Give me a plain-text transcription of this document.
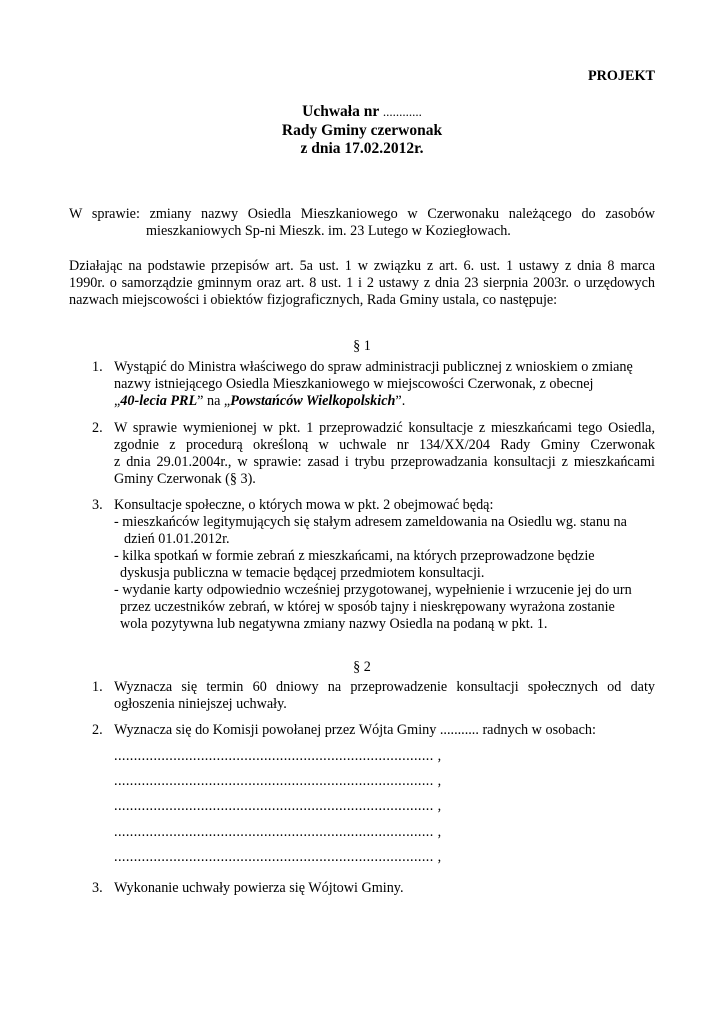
PROJEKT

Uchwała nr ............

Rady Gminy czerwonak

z dnia 17.02.2012r.

W sprawie: zmiany nazwy Osiedla Mieszkaniowego w Czerwonaku należącego do zasobów

mieszkaniowych Sp-ni Mieszk. im. 23 Lutego w Koziegłowach.

Działając na podstawie przepisów art. 5a ust. 1 w związku z art. 6. ust. 1 ustawy z dnia 8 marca

1990r. o samorządzie gminnym oraz art. 8 ust. 1 i 2 ustawy z dnia 23 sierpnia 2003r. o urzędowych

nazwach miejscowości i obiektów fizjograficznych, Rada Gminy ustala, co następuje:

§ 1

1. Wystąpić do Ministra właściwego do spraw administracji publicznej z wnioskiem o zmianę

nazwy istniejącego Osiedla Mieszkaniowego w miejscowości Czerwonak, z obecnej

„40-lecia PRL” na „Powstańców Wielkopolskich”.

2. W sprawie wymienionej w pkt. 1 przeprowadzić konsultacje z mieszkańcami tego Osiedla,

zgodnie z procedurą określoną w uchwale nr 134/XX/204 Rady Gminy Czerwonak

z dnia 29.01.2004r., w sprawie: zasad i trybu przeprowadzania konsultacji z mieszkańcami

Gminy Czerwonak (§ 3).

3. Konsultacje społeczne, o których mowa w pkt. 2 obejmować będą:

- mieszkańców legitymujących się stałym adresem zameldowania na Osiedlu wg. stanu na

dzień 01.01.2012r.

- kilka spotkań w formie zebrań z mieszkańcami, na których przeprowadzone będzie

dyskusja publiczna w temacie będącej przedmiotem konsultacji.

- wydanie karty odpowiednio wcześniej przygotowanej, wypełnienie i wrzucenie jej do urn

przez uczestników zebrań, w której w sposób tajny i nieskrępowany wyrażona zostanie

wola pozytywna lub negatywna zmiany nazwy Osiedla na podaną w pkt. 1.

§ 2

1. Wyznacza się termin 60 dniowy na przeprowadzenie konsultacji społecznych od daty

ogłoszenia niniejszej uchwały.

2. Wyznacza się do Komisji powołanej przez Wójta Gminy ........... radnych w osobach:

................................................................................. ,

................................................................................. ,

................................................................................. ,

................................................................................. ,

................................................................................. ,

3. Wykonanie uchwały powierza się Wójtowi Gminy.
